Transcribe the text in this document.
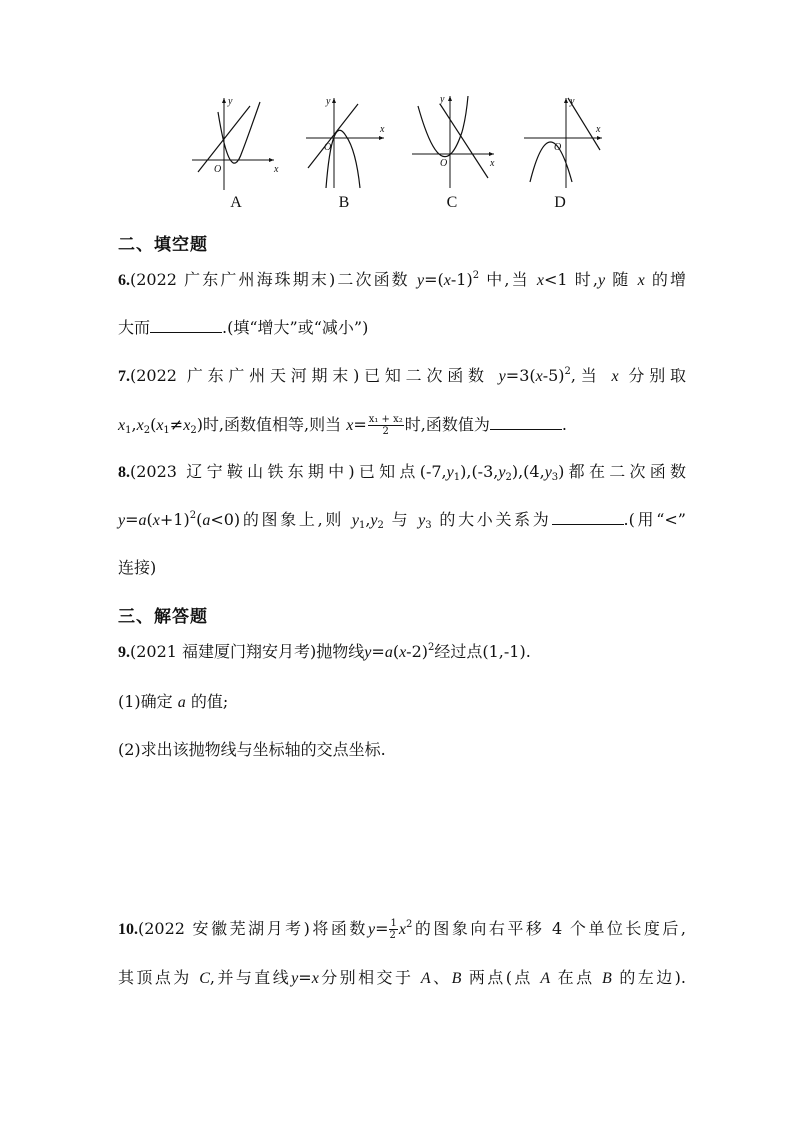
x
y
O
A
x
y
O
B
x
y
O
C
x
y
O
D
二、填空题
6.(2022 广东广州海珠期末)二次函数 $y=(x-1)^2$ 中,当 x<1 时,y 随 x 的增
大而	.(填“增大”或“减小”)
7.(2022 广东广州天河期末)已知二次函数 $y=3(x-5)^2$,当 x 分别取
$x_1,x_2(x_1\ne x_2)$时,函数值相等,则当 $x= \frac{\text{x₁ + x₂}}{2}$ 时,函数值为	.
8.(2023 辽宁鞍山铁东期中)已知点$(-7,y_1),(-3,y_2),(4,y_3)$都在二次函数
$y=a(x+1)^2(a<0)$的图象上,则 $y_1,y_2$ 与 $y_3$ 的大小关系为	.(用“<”
连接)
三、解答题
9.(2021 福建厦门翔安月考)抛物线$y=a(x-2)^2$经过点(1,-1).
(1)确定 a 的值;
(2)求出该抛物线与坐标轴的交点坐标.
10.(2022 安徽芜湖月考)将函数$y= \frac{1}{2} x^2$的图象向右平移 4 个单位长度后,
其顶点为 C,并与直线y=x分别相交于 A、B 两点(点 A 在点 B 的左边).
